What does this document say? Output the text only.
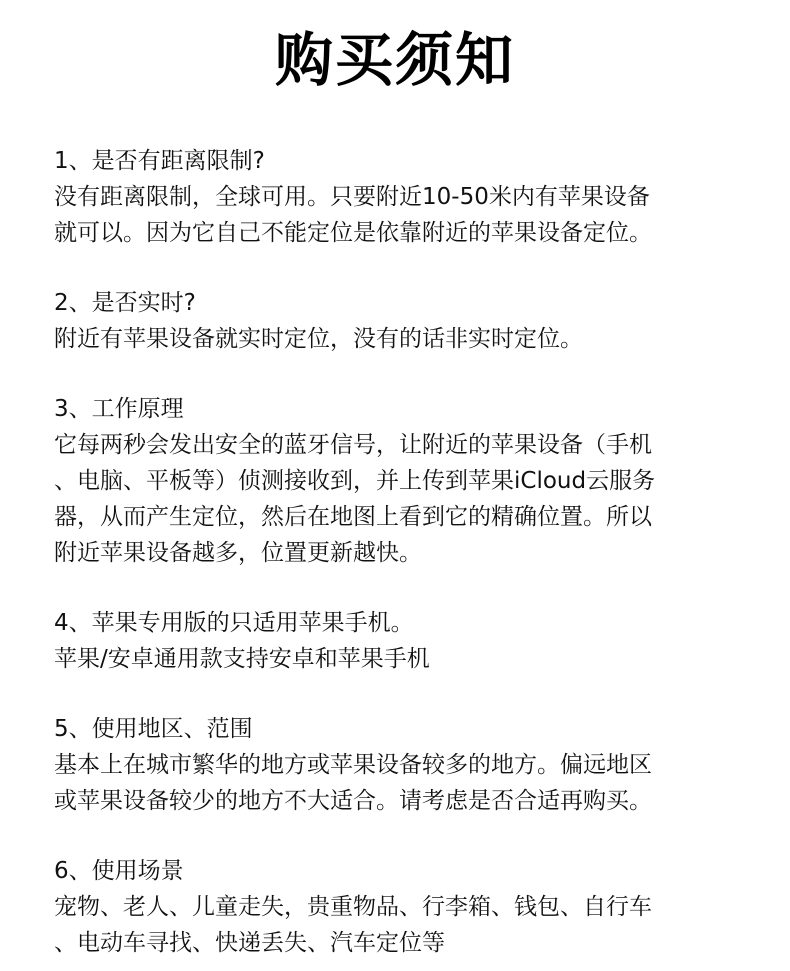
购买须知
1、是否有距离限制?
没有距离限制，全球可用。只要附近10-50米内有苹果设备
就可以。因为它自己不能定位是依靠附近的苹果设备定位。
2、是否实时?
附近有苹果设备就实时定位，没有的话非实时定位。
3、工作原理
它每两秒会发出安全的蓝牙信号，让附近的苹果设备（手机
、电脑、平板等）侦测接收到，并上传到苹果iCloud云服务
器，从而产生定位，然后在地图上看到它的精确位置。所以
附近苹果设备越多，位置更新越快。
4、苹果专用版的只适用苹果手机。
苹果/安卓通用款支持安卓和苹果手机
5、使用地区、范围
基本上在城市繁华的地方或苹果设备较多的地方。偏远地区
或苹果设备较少的地方不大适合。请考虑是否合适再购买。
6、使用场景
宠物、老人、儿童走失，贵重物品、行李箱、钱包、自行车
、电动车寻找、快递丢失、汽车定位等
